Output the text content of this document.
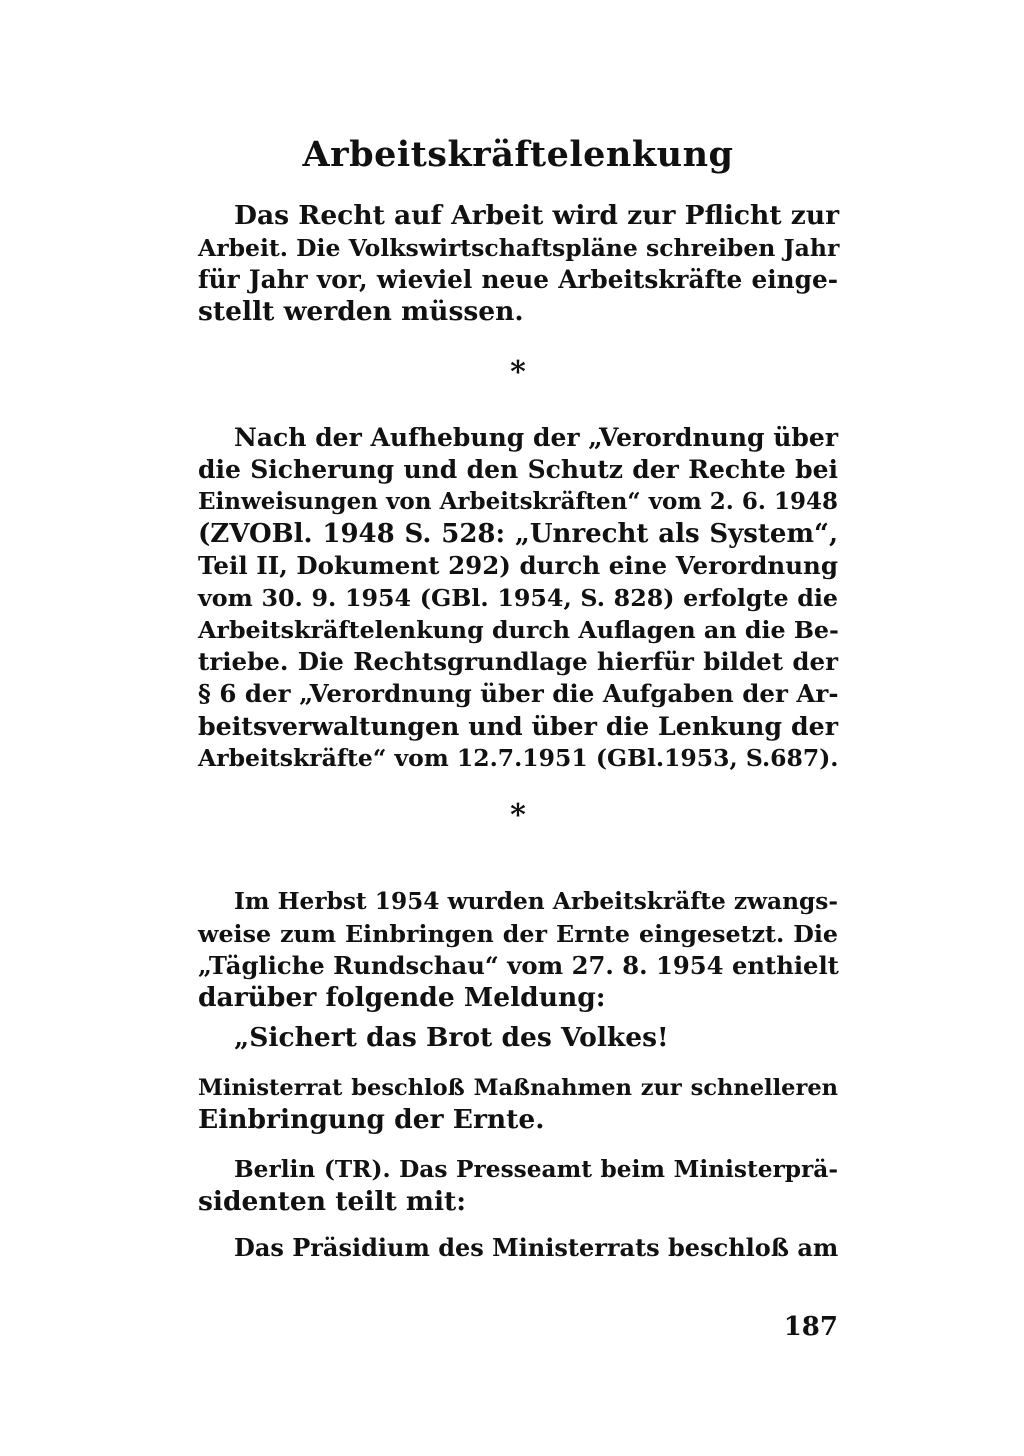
Arbeitskräftelenkung
Das Recht auf Arbeit wird zur Pflicht zur
Arbeit. Die Volkswirtschaftspläne schreiben Jahr
für Jahr vor, wieviel neue Arbeitskräfte einge-
stellt werden müssen.
*
Nach der Aufhebung der „Verordnung über
die Sicherung und den Schutz der Rechte bei
Einweisungen von Arbeitskräften“ vom 2. 6. 1948
(ZVOBl. 1948 S. 528: „Unrecht als System“,
Teil II, Dokument 292) durch eine Verordnung
vom 30. 9. 1954 (GBl. 1954, S. 828) erfolgte die
Arbeitskräftelenkung durch Auflagen an die Be-
triebe. Die Rechtsgrundlage hierfür bildet der
§ 6 der „Verordnung über die Aufgaben der Ar-
beitsverwaltungen und über die Lenkung der
Arbeitskräfte“ vom 12.7.1951 (GBl.1953, S.687).
*
Im Herbst 1954 wurden Arbeitskräfte zwangs-
weise zum Einbringen der Ernte eingesetzt. Die
„Tägliche Rundschau“ vom 27. 8. 1954 enthielt
darüber folgende Meldung:
„Sichert das Brot des Volkes!
Ministerrat beschloß Maßnahmen zur schnelleren
Einbringung der Ernte.
Berlin (TR). Das Presseamt beim Ministerprä-
sidenten teilt mit:
Das Präsidium des Ministerrats beschloß am
187
